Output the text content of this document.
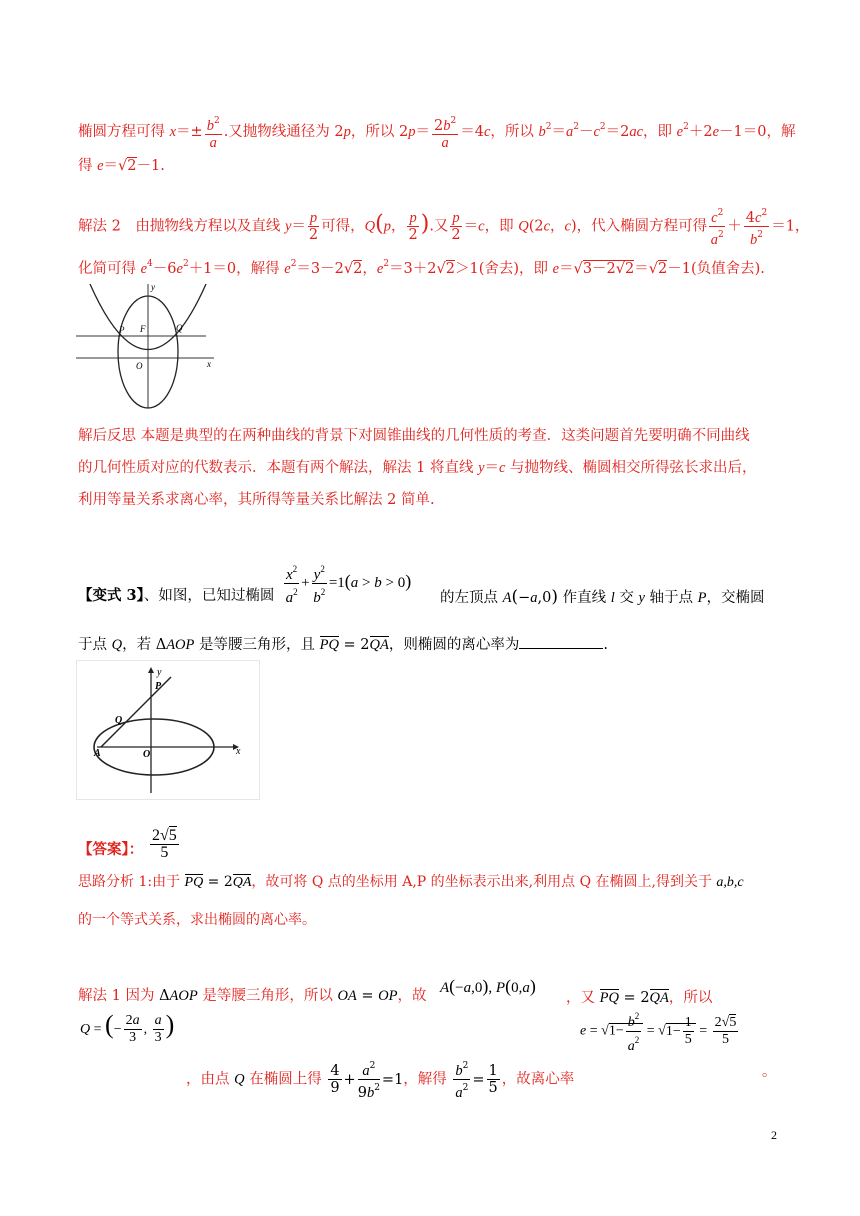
椭圆方程可得 $x=\pm \frac{b^2}{a}$ .又抛物线通径为 2p，所以 $2p= \frac{2b^2}{a} =4c$，所以 $b^2=a^2-c^2=2ac$，即 $e^2+2e-1=0$，解
得 e＝√2－1.
解法 2　由抛物线方程以及直线 $y= \frac{p}{2}$ 可得，Q(p， $\frac{p}{2}$ ).又 $\frac{p}{2} =c$，即 Q(2c，c)，代入椭圆方程可得 $\frac{c^2}{a^2} + \frac{4c^2}{b^2} =1$，
化简可得 $e^4-6e^2+1=0$，解得 $e^2=3-2√2$，$e^2=3+2√2>1$(舍去)，即 e＝√3－2√2＝√2－1(负值舍去).
y
P F	Q
O	x
解后反思 本题是典型的在两种曲线的背景下对圆锥曲线的几何性质的考查．这类问题首先要明确不同曲线
的几何性质对应的代数表示．本题有两个解法，解法 1 将直线 y＝c 与抛物线、椭圆相交所得弦长求出后，
利用等量关系求离心率，其所得等量关系比解法 2 简单.
【变式 3】、如图，已知过椭圆 $\frac{x^2}{a^2} + \frac{y^2}{b^2} =1(a > b > 0)$
的左顶点 A(−a,0) 作直线 l 交 y 轴于点 P，交椭圆
于点 Q，若 ΔAOP 是等腰三角形，且 PQ = 2QA，则椭圆的离心率为	.
y
P
Q
A	O	x
【答案】： $\frac{2√5}{5}$
思路分析 1:由于 PQ = 2QA，故可将 Q 点的坐标用 A,P 的坐标表示出来,利用点 Q 在椭圆上,得到关于 a,b,c
的一个等式关系，求出椭圆的离心率。
解法 1 因为 ΔAOP 是等腰三角形，所以 OA = OP，故 A(−a,0), P(0,a)
，又 PQ = 2QA，所以
Q = (− $\frac{2a}{3}$ , $\frac{a}{3}$ )	$e = √1- \frac{b^2}{a^2} = √1- \frac{1}{5} = \frac{2√5}{5}$
，由点 Q 在椭圆上得 $\frac{4}{9} + \frac{a^2}{9b^2} =1$，解得 $\frac{b^2}{a^2} = \frac{1}{5}$ ，故离心率	。
2
